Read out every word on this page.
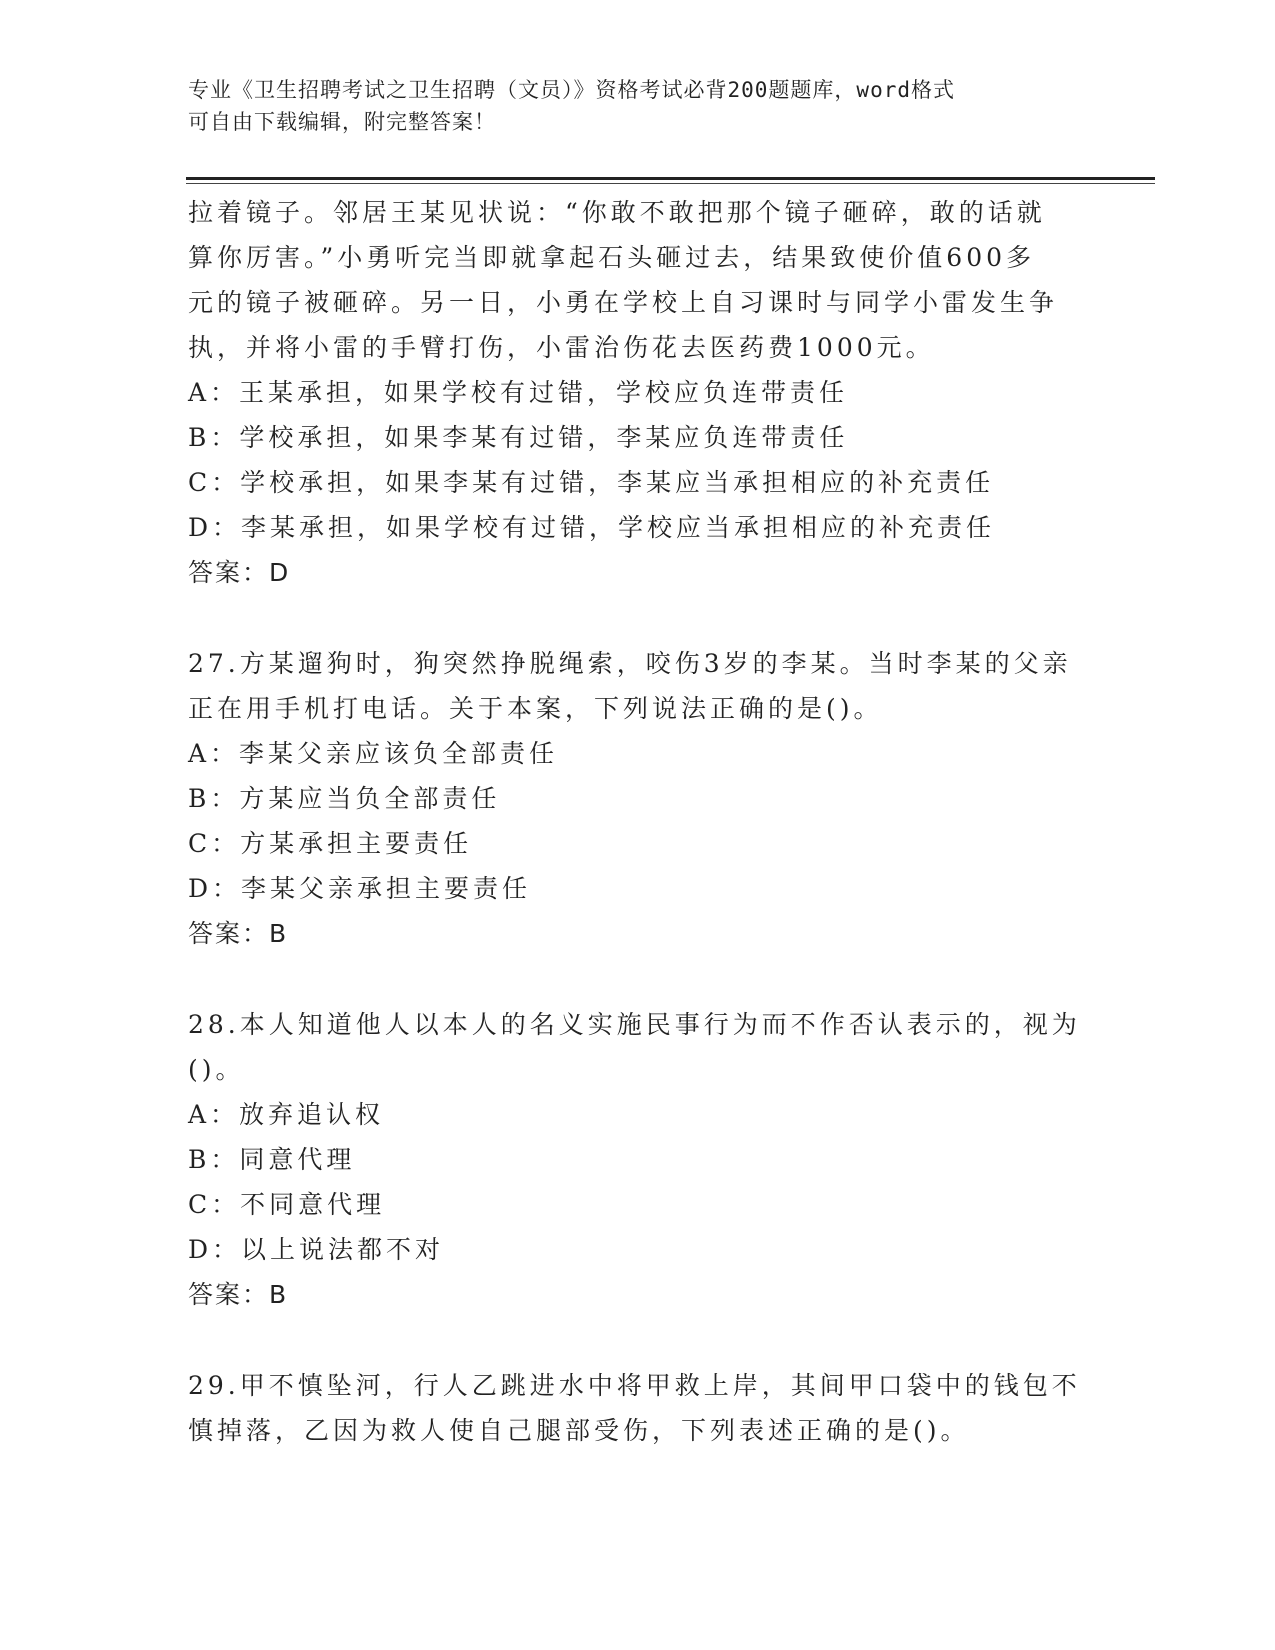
专业《卫生招聘考试之卫生招聘（文员）》资格考试必背200题题库，word格式
可自由下载编辑，附完整答案！
拉着镜子。邻居王某见状说：“你敢不敢把那个镜子砸碎，敢的话就
算你厉害。”小勇听完当即就拿起石头砸过去，结果致使价值600多
元的镜子被砸碎。另一日，小勇在学校上自习课时与同学小雷发生争
执，并将小雷的手臂打伤，小雷治伤花去医药费1000元。
A：王某承担，如果学校有过错，学校应负连带责任
B：学校承担，如果李某有过错，李某应负连带责任
C：学校承担，如果李某有过错，李某应当承担相应的补充责任
D：李某承担，如果学校有过错，学校应当承担相应的补充责任
答案：D
27.方某遛狗时，狗突然挣脱绳索，咬伤3岁的李某。当时李某的父亲
正在用手机打电话。关于本案，下列说法正确的是()。
A：李某父亲应该负全部责任
B：方某应当负全部责任
C：方某承担主要责任
D：李某父亲承担主要责任
答案：B
28.本人知道他人以本人的名义实施民事行为而不作否认表示的，视为
()。
A：放弃追认权
B：同意代理
C：不同意代理
D：以上说法都不对
答案：B
29.甲不慎坠河，行人乙跳进水中将甲救上岸，其间甲口袋中的钱包不
慎掉落，乙因为救人使自己腿部受伤，下列表述正确的是()。
